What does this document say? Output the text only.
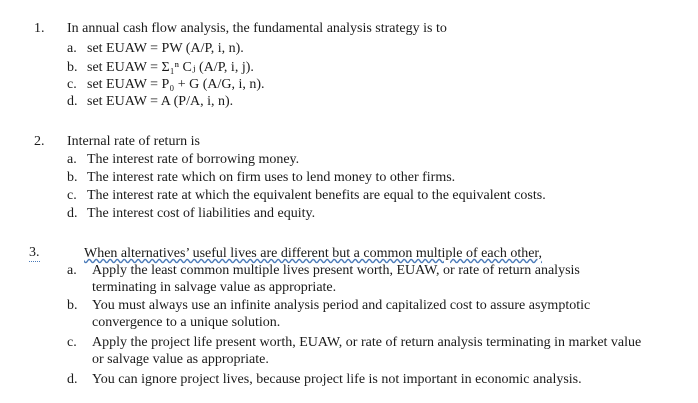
1. In annual cash flow analysis, the fundamental analysis strategy is to
a. set EUAW = PW (A/P, i, n).
b. set EUAW = Σ₁ⁿ Cⱼ (A/P, i, j).
c. set EUAW = P₀ + G (A/G, i, n).
d. set EUAW = A (P/A, i, n).
2. Internal rate of return is
a. The interest rate of borrowing money.
b. The interest rate which on firm uses to lend money to other firms.
c. The interest rate at which the equivalent benefits are equal to the equivalent costs.
d. The interest cost of liabilities and equity.
3.	When alternatives’ useful lives are different but a common multiple of each other,
a.	Apply the least common multiple lives present worth, EUAW, or rate of return analysis terminating in salvage value as appropriate.
b.	You must always use an infinite analysis period and capitalized cost to assure asymptotic convergence to a unique solution.
c.	Apply the project life present worth, EUAW, or rate of return analysis terminating in market value or salvage value as appropriate.
d.	You can ignore project lives, because project life is not important in economic analysis.
